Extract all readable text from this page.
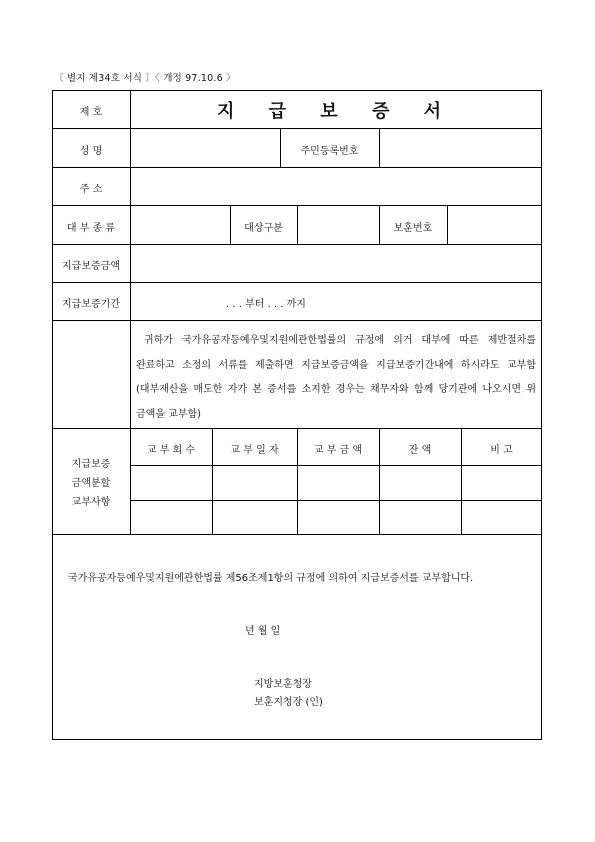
〔 별지 제34호 서식 〕〈 개정 97.10.6 〉
제 호	지 급 보 증 서
성 명	주민등록번호
주 소
대 부 종 류	대상구분	보훈번호
지급보증금액
지급보증기간	. . . 부터 . . . 까지
귀하가 국가유공자등예우및지원에관한법률의 규정에 의거 대부에 따른 제반절차를 완료하고 소정의 서류를 제출하면 지급보증금액을 지급보증기간내에 하시라도 교부함(대부재산을 매도한 자가 본 증서를 소지한 경우는 채무자와 함께 당기관에 나오시면 위 금액을 교부함)
지급보증
금액분할
교부사항
교 부 회 수	교 부 일 자	교 부 금 액	잔 액	비 고
국가유공자등예우및지원에관한법률 제56조제1항의 규정에 의하여 지급보증서를 교부합니다.
년 월 일
지방보훈청장
보훈지청장 (인)
